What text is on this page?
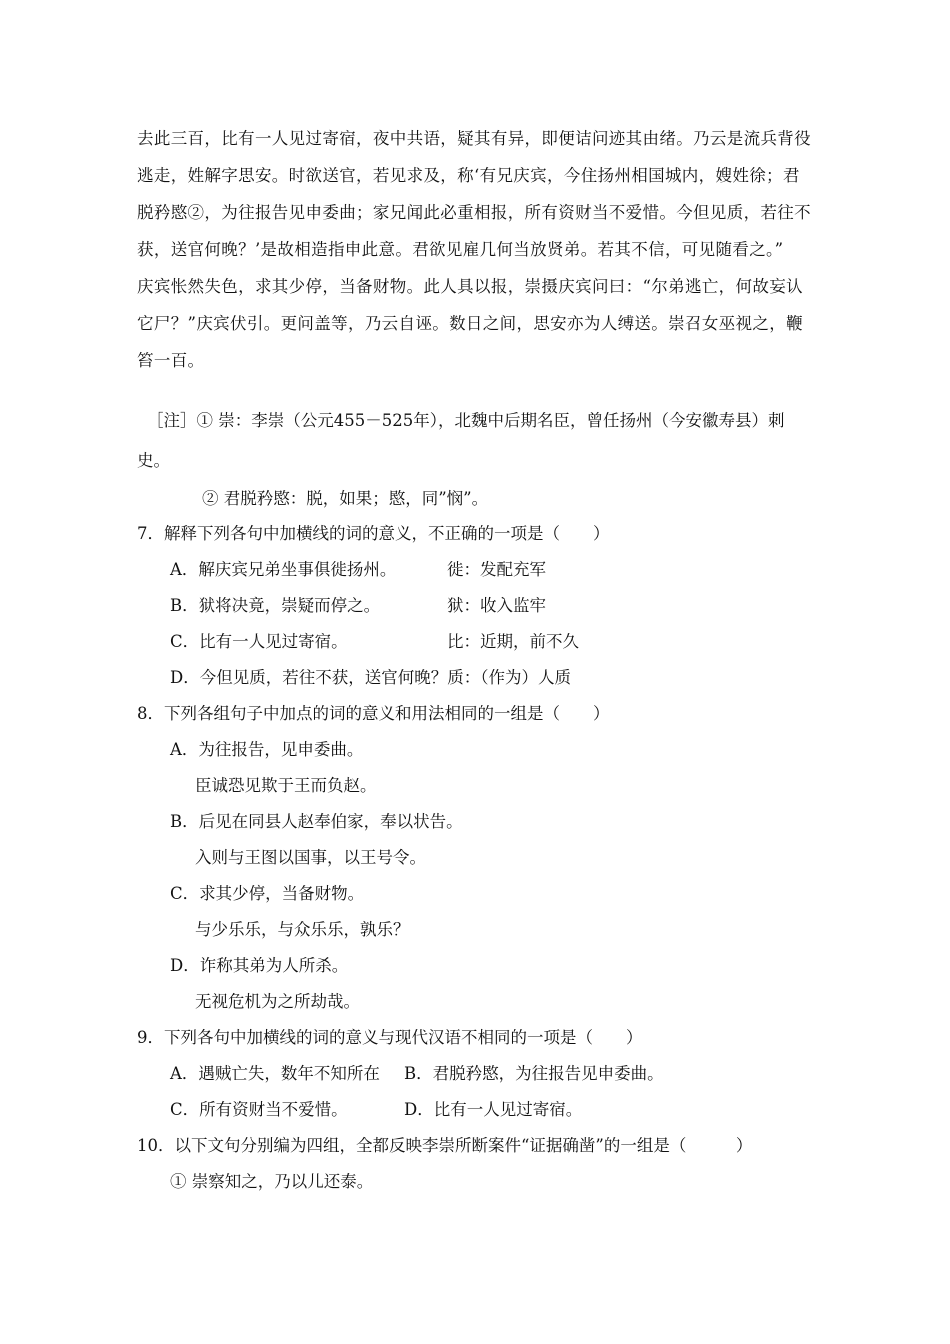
去此三百，比有一人见过寄宿，夜中共语，疑其有异，即便诘问迹其由绪。乃云是流兵背役
逃走，姓解字思安。时欲送官，若见求及，称‘有兄庆宾，今住扬州相国城内，嫂姓徐；君
脱矜愍②，为往报告见申委曲；家兄闻此必重相报，所有资财当不爱惜。今但见质，若往不
获，送官何晚？’是故相造指申此意。君欲见雇几何当放贤弟。若其不信，可见随看之。”
庆宾怅然失色，求其少停，当备财物。此人具以报，崇摄庆宾问曰：“尔弟逃亡，何故妄认
它尸？”庆宾伏引。更问盖等，乃云自诬。数日之间，思安亦为人缚送。崇召女巫视之，鞭
笞一百。
［注］① 崇：李崇（公元455－525年），北魏中后期名臣，曾任扬州（今安徽寿县）刺
史。
② 君脱矜愍：脱，如果；愍，同”悯”。
7．解释下列各句中加横线的词的意义，不正确的一项是（　　）
A．解庆宾兄弟坐事俱徙扬州。	徙：发配充军
B．狱将决竟，崇疑而停之。	狱：收入监牢
C．比有一人见过寄宿。	比：近期，前不久
D．今但见质，若往不获，送官何晚？质：（作为）人质
8．下列各组句子中加点的词的意义和用法相同的一组是（　　）
A．为往报告，见申委曲。
臣诚恐见欺于王而负赵。
B．后见在同县人赵奉伯家，奉以状告。
入则与王图以国事，以王号令。
C．求其少停，当备财物。
与少乐乐，与众乐乐，孰乐？
D．诈称其弟为人所杀。
无视危机为之所劫哉。
9．下列各句中加横线的词的意义与现代汉语不相同的一项是（　　）
A．遇贼亡失，数年不知所在 B．君脱矜愍，为往报告见申委曲。
C．所有资财当不爱惜。	D．比有一人见过寄宿。
10．以下文句分别编为四组，全都反映李崇所断案件“证据确凿”的一组是（　　　）
① 崇察知之，乃以儿还泰。
